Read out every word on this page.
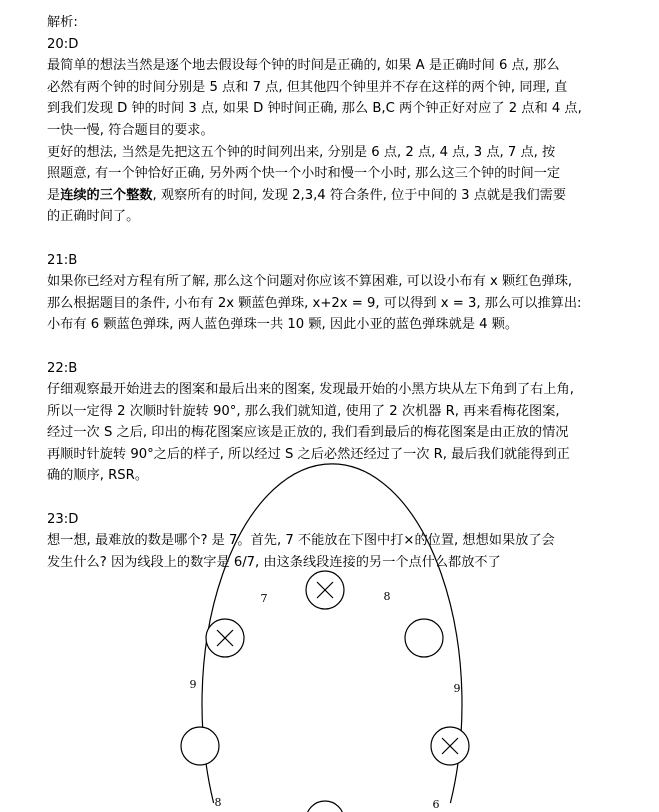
解析:
20:D
最简单的想法当然是逐个地去假设每个钟的时间是正确的, 如果 A 是正确时间 6 点, 那么
必然有两个钟的时间分别是 5 点和 7 点, 但其他四个钟里并不存在这样的两个钟, 同理, 直
到我们发现 D 钟的时间 3 点, 如果 D 钟时间正确, 那么 B,C 两个钟正好对应了 2 点和 4 点,
一快一慢, 符合题目的要求。
更好的想法, 当然是先把这五个钟的时间列出来, 分别是 6 点, 2 点, 4 点, 3 点, 7 点, 按
照题意, 有一个钟恰好正确, 另外两个快一个小时和慢一个小时, 那么这三个钟的时间一定
是连续的三个整数, 观察所有的时间, 发现 2,3,4 符合条件, 位于中间的 3 点就是我们需要
的正确时间了。
21:B
如果你已经对方程有所了解, 那么这个问题对你应该不算困难, 可以设小布有 x 颗红色弹珠,
那么根据题目的条件, 小布有 2x 颗蓝色弹珠, x+2x = 9, 可以得到 x = 3, 那么可以推算出:
小布有 6 颗蓝色弹珠, 两人蓝色弹珠一共 10 颗, 因此小亚的蓝色弹珠就是 4 颗。
22:B
仔细观察最开始进去的图案和最后出来的图案, 发现最开始的小黑方块从左下角到了右上角,
所以一定得 2 次顺时针旋转 90°, 那么我们就知道, 使用了 2 次机器 R, 再来看梅花图案,
经过一次 S 之后, 印出的梅花图案应该是正放的, 我们看到最后的梅花图案是由正放的情况
再顺时针旋转 90°之后的样子, 所以经过 S 之后必然还经过了一次 R, 最后我们就能得到正
确的顺序, RSR。
23:D
想一想, 最难放的数是哪个? 是 7。首先, 7 不能放在下图中打×的位置, 想想如果放了会
发生什么? 因为线段上的数字是 6/7, 由这条线段连接的另一个点什么都放不了
7	8
9	9
8	6
